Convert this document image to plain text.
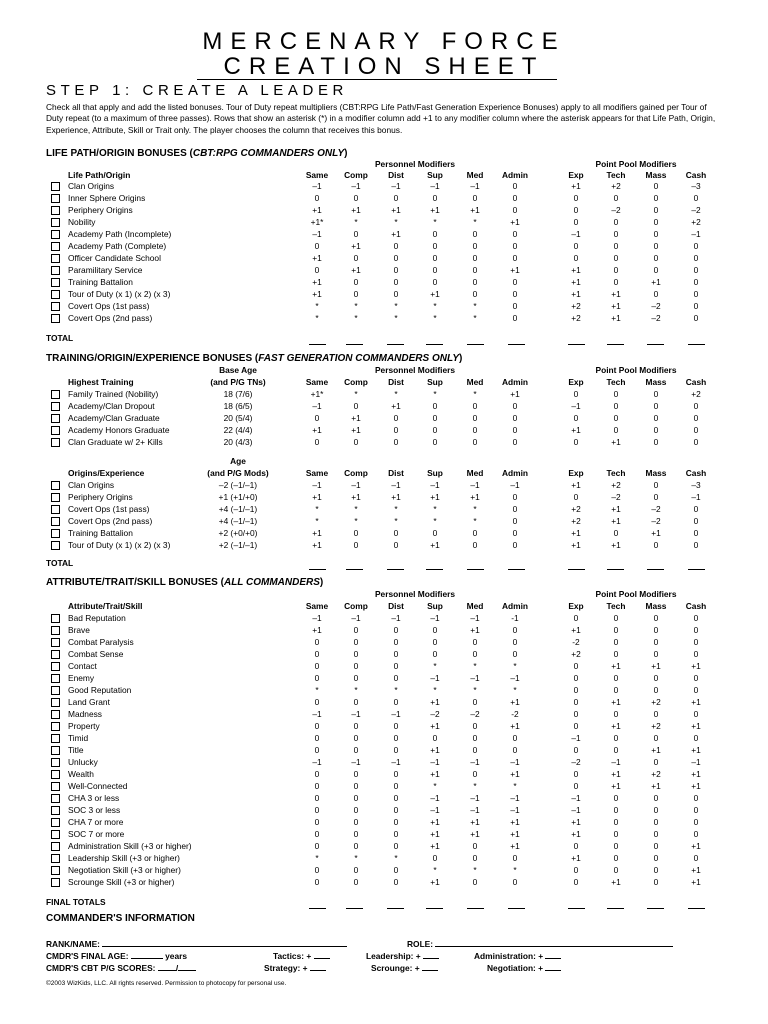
MERCENARY FORCE
CREATION SHEET
STEP 1: CREATE A LEADER
Check all that apply and add the listed bonuses. Tour of Duty repeat multipliers (CBT:RPG Life Path/Fast Generation Experience Bonuses) apply to all modifiers gained per Tour of Duty repeat (to a maximum of three passes). Rows that show an asterisk (*) in a modifier column add +1 to any modifier column where the asterisk appears for that Life Path, Origin, Experience, Attribute, Skill or Trait only. The player chooses the column that receives this bonus.
LIFE PATH/ORIGIN BONUSES (CBT:RPG COMMANDERS ONLY)
Personnel Modifiers	Point Pool Modifiers
Life Path/Origin	Same	Comp	Dist	Sup	Med	Admin	Exp	Tech	Mass	Cash
Clan Origins	–1	–1	–1	–1	–1	0	+1	+2	0	–3
Inner Sphere Origins	0	0	0	0	0	0	0	0	0	0
Periphery Origins	+1	+1	+1	+1	+1	0	0	–2	0	–2
Nobility	+1*	*	*	*	*	+1	0	0	0	+2
Academy Path (Incomplete)	–1	0	+1	0	0	0	–1	0	0	–1
Academy Path (Complete)	0	+1	0	0	0	0	0	0	0	0
Officer Candidate School	+1	0	0	0	0	0	0	0	0	0
Paramilitary Service	0	+1	0	0	0	+1	+1	0	0	0
Training Battalion	+1	0	0	0	0	0	+1	0	+1	0
Tour of Duty (x 1) (x 2) (x 3)	+1	0	0	+1	0	0	+1	+1	0	0
Covert Ops (1st pass)	*	*	*	*	*	0	+2	+1	–2	0
Covert Ops (2nd pass)	*	*	*	*	*	0	+2	+1	–2	0
TOTAL
TRAINING/ORIGIN/EXPERIENCE BONUSES (FAST GENERATION COMMANDERS ONLY)
Personnel Modifiers	Point Pool Modifiers
Highest Training
Base Age
(and P/G TNs)	Same	Comp	Dist	Sup	Med	Admin	Exp	Tech	Mass	Cash
Family Trained (Nobility)	18 (7/6)	+1*	*	*	*	*	+1	0	0	0	+2
Academy/Clan Dropout	18 (6/5)	–1	0	+1	0	0	0	–1	0	0	0
Academy/Clan Graduate	20 (5/4)	0	+1	0	0	0	0	0	0	0	0
Academy Honors Graduate	22 (4/4)	+1	+1	0	0	0	0	+1	0	0	0
Clan Graduate w/ 2+ Kills	20 (4/3)	0	0	0	0	0	0	0	+1	0	0
Origins/Experience
Age
(and P/G Mods)	Same	Comp	Dist	Sup	Med	Admin	Exp	Tech	Mass	Cash
Clan Origins	–2 (–1/–1)	–1	–1	–1	–1	–1	–1	+1	+2	0	–3
Periphery Origins	+1 (+1/+0)	+1	+1	+1	+1	+1	0	0	–2	0	–1
Covert Ops (1st pass)	+4 (–1/–1)	*	*	*	*	*	0	+2	+1	–2	0
Covert Ops (2nd pass)	+4 (–1/–1)	*	*	*	*	*	0	+2	+1	–2	0
Training Battalion	+2 (+0/+0)	+1	0	0	0	0	0	+1	0	+1	0
Tour of Duty (x 1) (x 2) (x 3)	+2 (–1/–1)	+1	0	0	+1	0	0	+1	+1	0	0
TOTAL
ATTRIBUTE/TRAIT/SKILL BONUSES (ALL COMMANDERS)
Personnel Modifiers	Point Pool Modifiers
Attribute/Trait/Skill	Same	Comp	Dist	Sup	Med	Admin	Exp	Tech	Mass	Cash
Bad Reputation	–1	–1	–1	–1	–1	-1	0	0	0	0
Brave	+1	0	0	0	+1	0	+1	0	0	0
Combat Paralysis	0	0	0	0	0	0	-2	0	0	0
Combat Sense	0	0	0	0	0	0	+2	0	0	0
Contact	0	0	0	*	*	*	0	+1	+1	+1
Enemy	0	0	0	–1	–1	–1	0	0	0	0
Good Reputation	*	*	*	*	*	*	0	0	0	0
Land Grant	0	0	0	+1	0	+1	0	+1	+2	+1
Madness	–1	–1	–1	–2	–2	-2	0	0	0	0
Property	0	0	0	+1	0	+1	0	+1	+2	+1
Timid	0	0	0	0	0	0	–1	0	0	0
Title	0	0	0	+1	0	0	0	0	+1	+1
Unlucky	–1	–1	–1	–1	–1	–1	–2	–1	0	–1
Wealth	0	0	0	+1	0	+1	0	+1	+2	+1
Well-Connected	0	0	0	*	*	*	0	+1	+1	+1
CHA 3 or less	0	0	0	–1	–1	–1	–1	0	0	0
SOC 3 or less	0	0	0	–1	–1	–1	–1	0	0	0
CHA 7 or more	0	0	0	+1	+1	+1	+1	0	0	0
SOC 7 or more	0	0	0	+1	+1	+1	+1	0	0	0
Administration Skill (+3 or higher)	0	0	0	+1	0	+1	0	0	0	+1
Leadership Skill (+3 or higher)	*	*	*	0	0	0	+1	0	0	0
Negotiation Skill (+3 or higher)	0	0	0	*	*	*	0	0	0	+1
Scrounge Skill (+3 or higher)	0	0	0	+1	0	0	0	+1	0	+1
FINAL TOTALS
COMMANDER'S INFORMATION
RANK/NAME:	ROLE:
CMDR'S FINAL AGE:	years
CMDR'S CBT P/G SCORES: /
Tactics: +
Strategy: +
Leadership: +
Scrounge: +
Administration: +
Negotiation: +
©2003 WizKids, LLC. All rights reserved. Permission to photocopy for personal use.
